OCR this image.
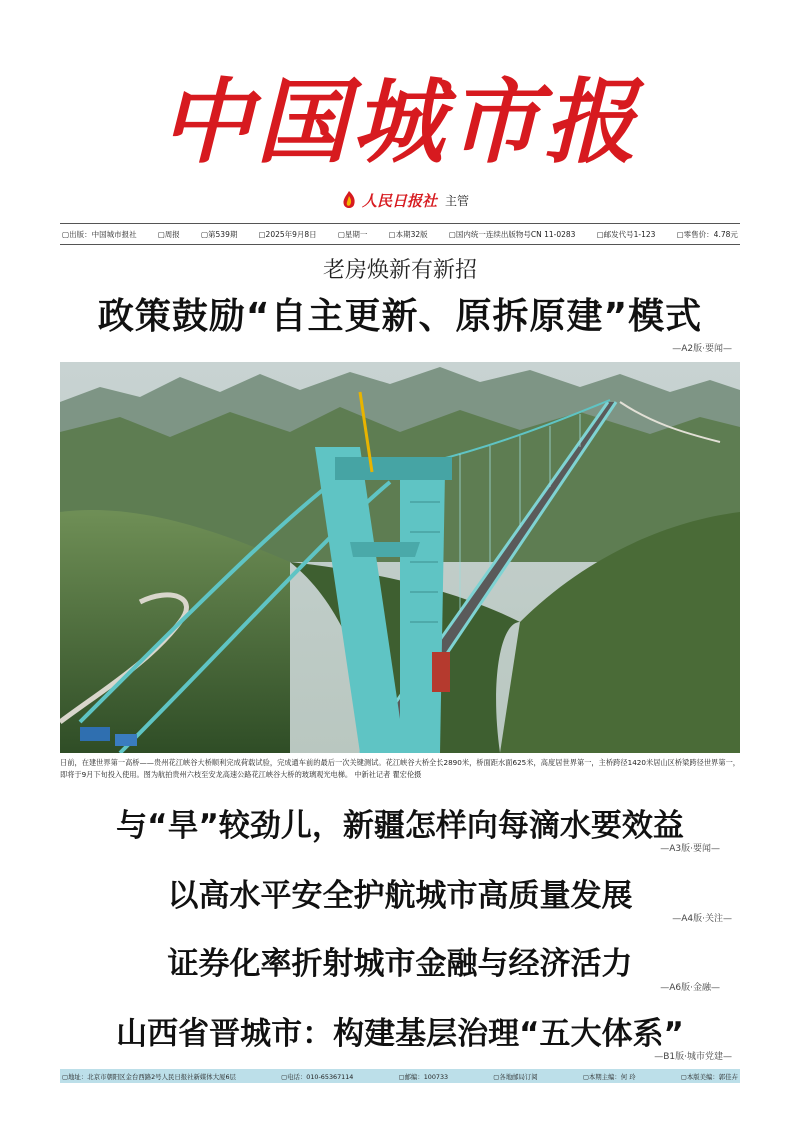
中国城市报
人民日报社 主管
▢出版：中国城市报社	▢周报	▢第539期	▢2025年9月8日	▢星期一	▢本期32版	▢国内统一连续出版物号CN 11-0283	▢邮发代号1-123	▢零售价：4.78元
老房焕新有新招
政策鼓励“自主更新、原拆原建”模式
—A2版·要闻—
日前，在建世界第一高桥——贵州花江峡谷大桥顺利完成荷载试验，完成通车前的最后一次关键测试。花江峡谷大桥全长2890米，桥面距水面625米，高度居世界第一，主桥跨径1420米居山区桥梁跨径世界第一，即将于9月下旬投入使用。图为航拍贵州六枝至安龙高速公路花江峡谷大桥的玻璃观光电梯。 中新社记者 瞿宏伦摄
与“旱”较劲儿，新疆怎样向每滴水要效益
—A3版·要闻—
以高水平安全护航城市高质量发展
—A4版·关注—
证券化率折射城市金融与经济活力
—A6版·金融—
山西省晋城市：构建基层治理“五大体系”
—B1版·城市党建—
▢地址：北京市朝阳区金台西路2号人民日报社新媒体大厦6层	▢电话：010-65367114	▢邮编：100733	▢各地邮局订阅	▢本期主编：何 玲	▢本版美编：郭佳卉
